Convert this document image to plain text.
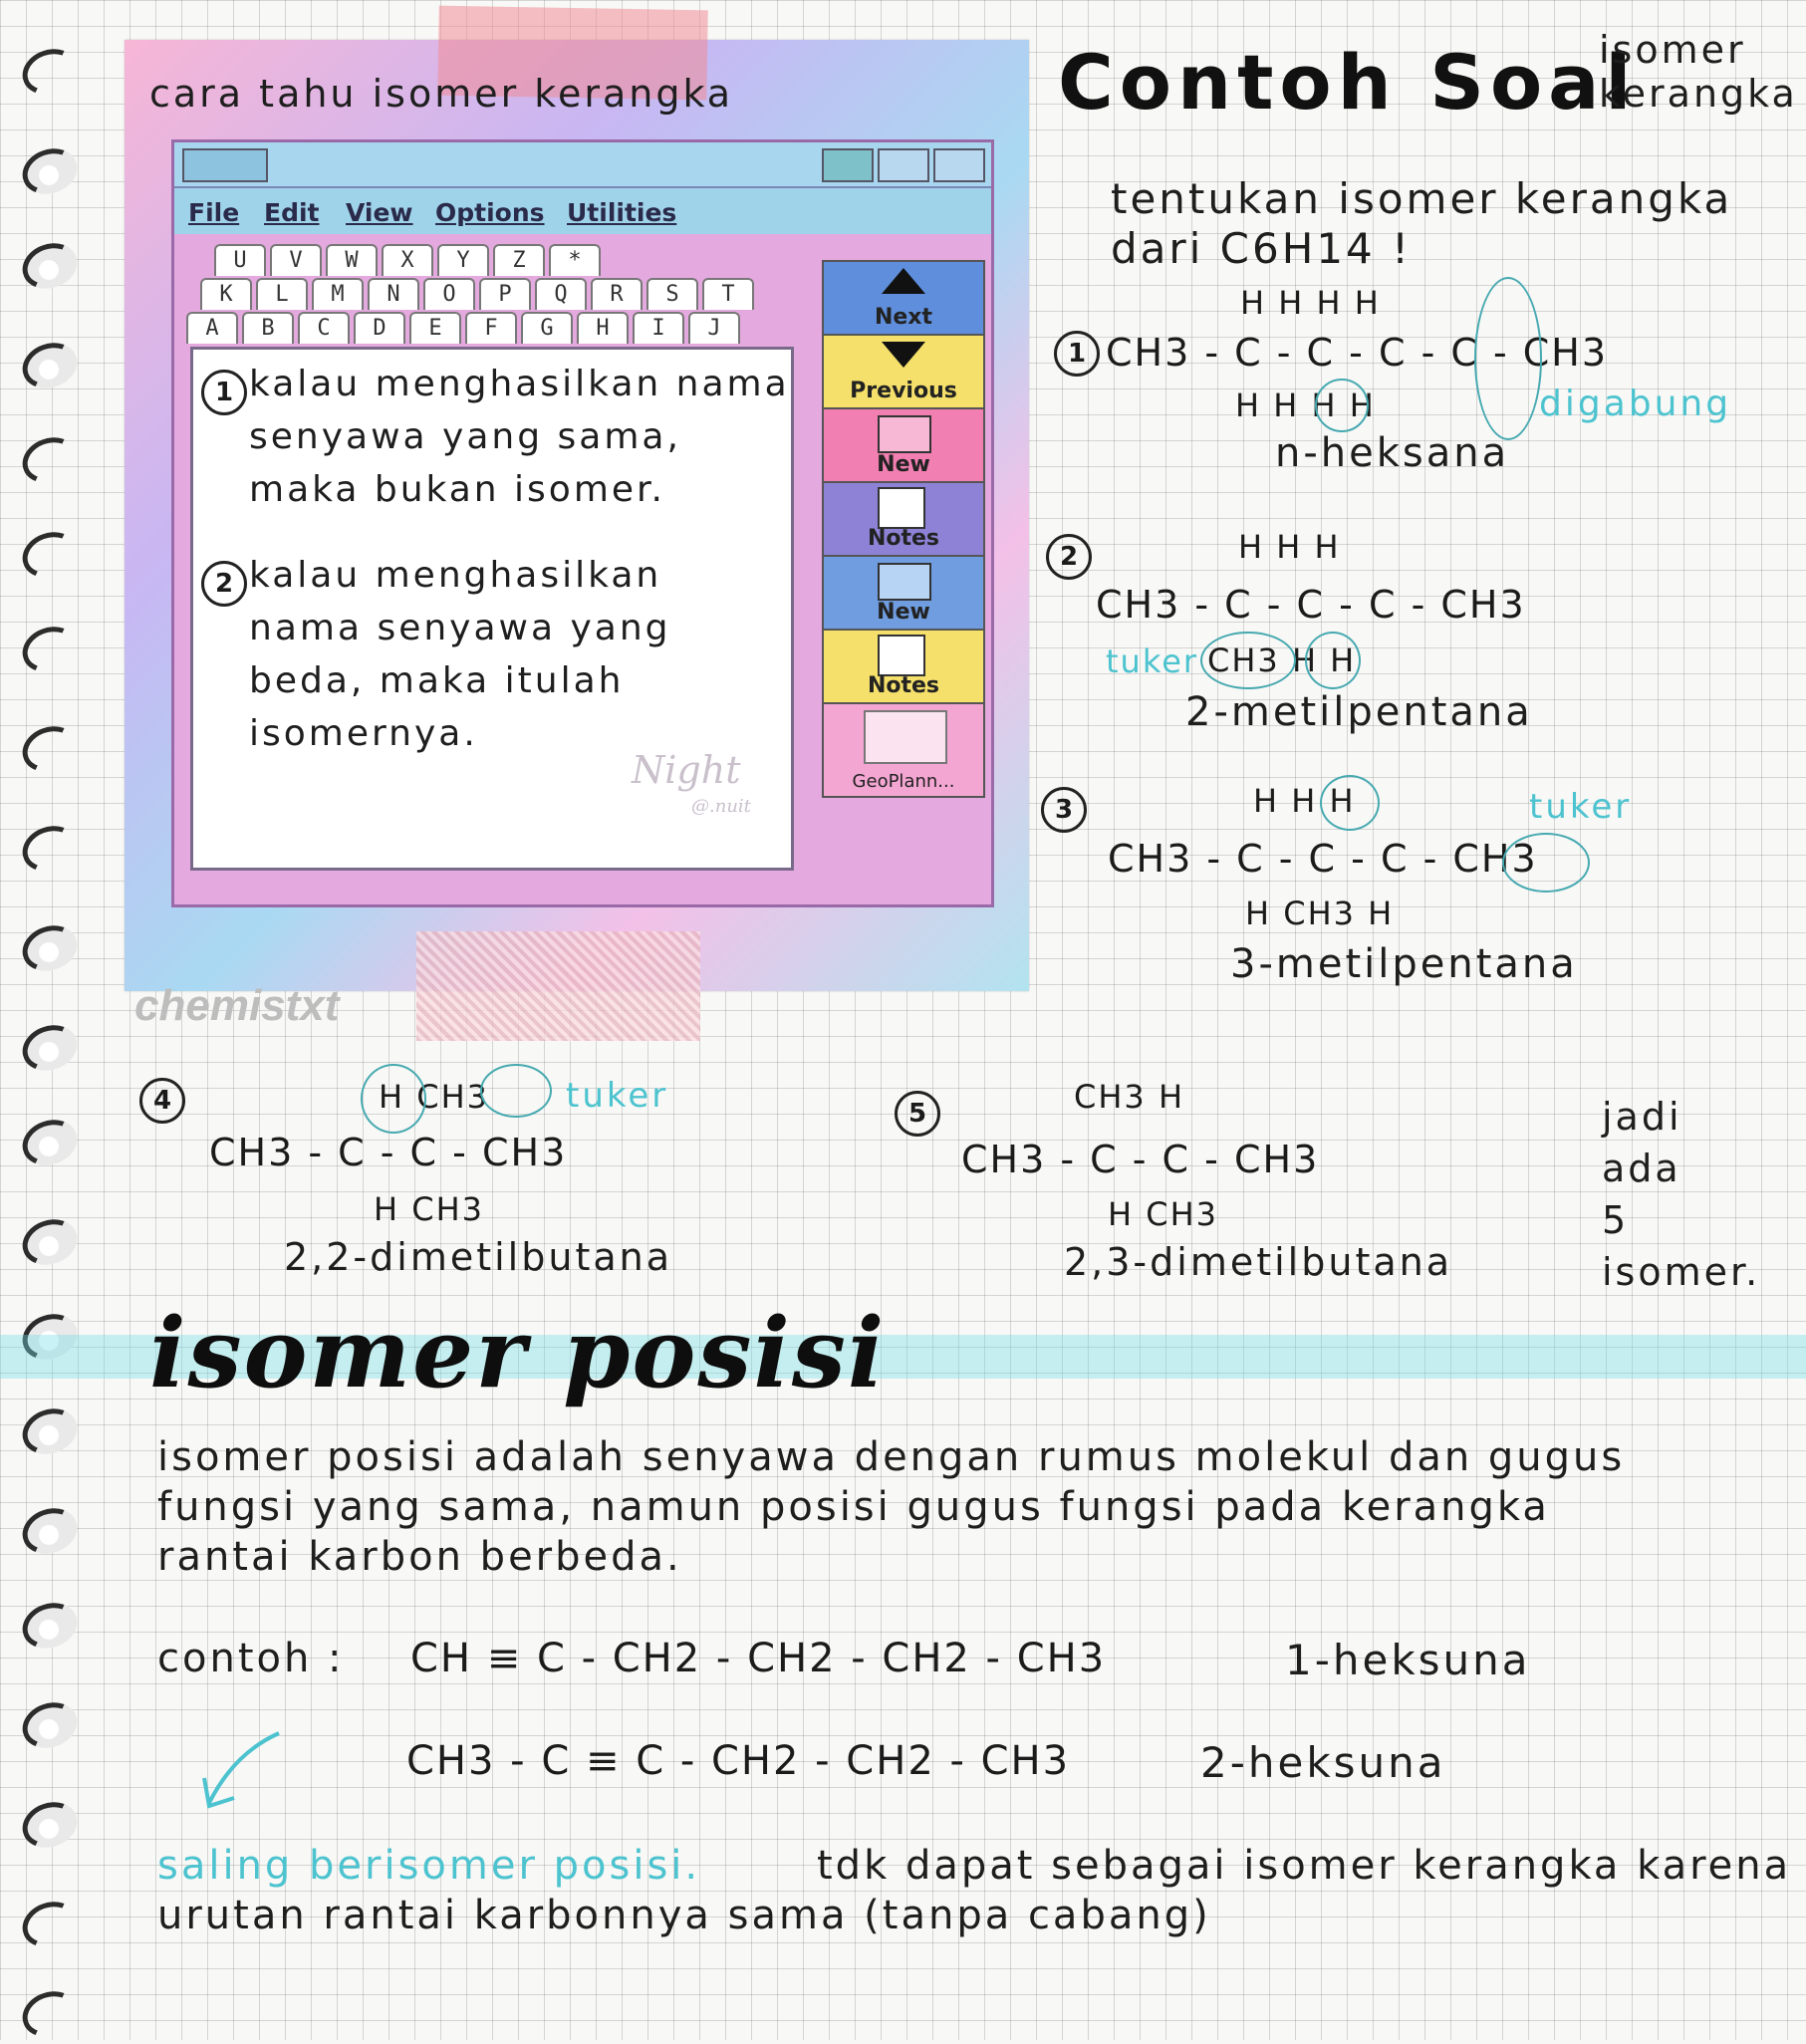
cara tahu isomer kerangka
File Edit View Options Utilities
U V W X Y Z *
K L M N O P Q R S T
A B C D E F G H I J
1 kalau menghasilkan nama
senyawa yang sama,
maka bukan isomer.
2 kalau menghasilkan
nama senyawa yang
beda, maka itulah
isomernya.
Night
@.nuit
Next
Previous
New
Notes
New
Notes
GeoPlann...
chemistxt
Contoh Soal
isomer
kerangka
tentukan isomer kerangka
dari C6H14 !
1
H H H H
CH3 - C - C - C - C - CH3
H H H H	digabung
n-heksana
2	H H H
CH3 - C - C - C - CH3
CH3 H H
tuker
2-metilpentana
3	H H H
CH3 - C - C - C - CH3
H CH3 H
tuker
3-metilpentana
4	H CH3
CH3 - C - C - CH3
H CH3
tuker
2,2-dimetilbutana
5	CH3 H
CH3 - C - C - CH3
H CH3
2,3-dimetilbutana
jadi
ada
5
isomer.
isomer posisi
isomer posisi adalah senyawa dengan rumus molekul dan gugus
fungsi yang sama, namun posisi gugus fungsi pada kerangka
rantai karbon berbeda.
contoh : CH ≡ C - CH2 - CH2 - CH2 - CH3	1-heksuna
CH3 - C ≡ C - CH2 - CH2 - CH3	2-heksuna
saling berisomer posisi.	tdk dapat sebagai isomer kerangka karena
urutan rantai karbonnya sama (tanpa cabang)
